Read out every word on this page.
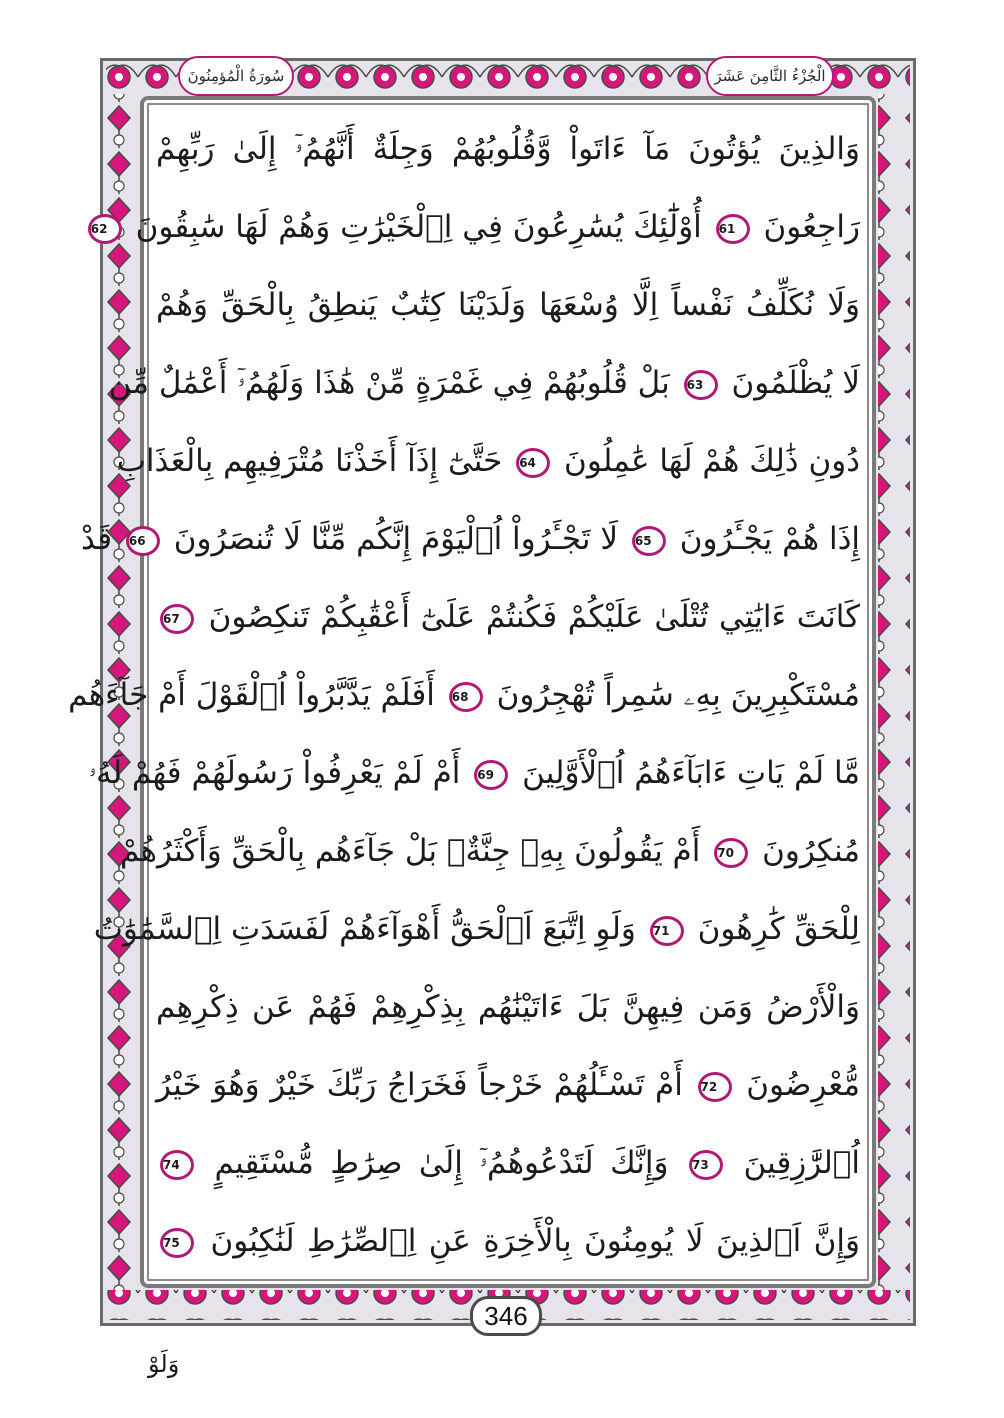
سُورَةُ الْمُؤمِنُونَ	الْجُزْءُ الثَّامِنَ عَشَرَ
وَالذِينَ يُؤتُونَ مَآ ءَاتَواْ وَّقُلُوبُهُمْ وَجِلَةٌ أَنَّهُمُۥٓ إِلَىٰ رَبِّهِمْ
رَاجِعُونَ 61 أُوْلَٰٓئِكَ يُسَٰرِعُونَ فِي اِ۬لْخَيْرَٰتِ وَهُمْ لَهَا سَٰبِقُونَ 62
وَلَا نُكَلِّفُ نَفْساً اِلَّا وُسْعَهَا وَلَدَيْنَا كِتَٰبٌ يَنطِقُ بِالْحَقِّ وَهُمْ
لَا يُظْلَمُونَ 63 بَلْ قُلُوبُهُمْ فِي غَمْرَةٍ مِّنْ هَٰذَا وَلَهُمُۥٓ أَعْمَٰلٌ مِّن
دُونِ ذَٰلِكَ هُمْ لَهَا عَٰمِلُونَ 64 حَتَّىٰٓ إِذَآ أَخَذْنَا مُتْرَفِيهِم بِالْعَذَابِ
إِذَا هُمْ يَجْـَٔرُونَ 65 لَا تَجْـَٔرُواْ اُ۬لْيَوْمَ إِنَّكُم مِّنَّا لَا تُنصَرُونَ 66 قَدْ
كَانَتَ ءَايَٰتِي تُتْلَىٰ عَلَيْكُمْ فَكُنتُمْ عَلَىٰٓ أَعْقَٰبِكُمْ تَنكِصُونَ 67
مُسْتَكْبِرِينَ بِهِۦ سَٰمِراً تُهْجِرُونَ 68 أَفَلَمْ يَدَّبَّرُواْ اُ۬لْقَوْلَ أَمْ جَآءَهُم
مَّا لَمْ يَاتِ ءَابَآءَهُمُ اُ۬لْأَوَّلِينَ 69 أَمْ لَمْ يَعْرِفُواْ رَسُولَهُمْ فَهُمْ لَهُۥ
مُنكِرُونَ 70 أَمْ يَقُولُونَ بِهِۦ جِنَّةٌۢ بَلْ جَآءَهُم بِالْحَقِّ وَأَكْثَرُهُمْ
لِلْحَقِّ كَٰرِهُونَ 71 وَلَوِ اِتَّبَعَ اَ۬لْحَقُّ أَهْوَآءَهُمْ لَفَسَدَتِ اِ۬لسَّمَٰوَٰتُ
وَالْأَرْضُ وَمَن فِيهِنَّ بَلَ ءَاتَيْنَٰهُم بِذِكْرِهِمْ فَهُمْ عَن ذِكْرِهِم
مُّعْرِضُونَ 72 أَمْ تَسْـَٔلُهُمْ خَرْجاً فَخَرَاجُ رَبِّكَ خَيْرٌ وَهُوَ خَيْرُ
اُ۬لرَّٰزِقِينَ 73 وَإِنَّكَ لَتَدْعُوهُمُۥٓ إِلَىٰ صِرَٰطٍ مُّسْتَقِيمٍ 74
وَإِنَّ اَ۬لذِينَ لَا يُومِنُونَ بِالْأَخِرَةِ عَنِ اِ۬لصِّرَٰطِ لَنَٰكِبُونَ 75
346
وَلَوْ
